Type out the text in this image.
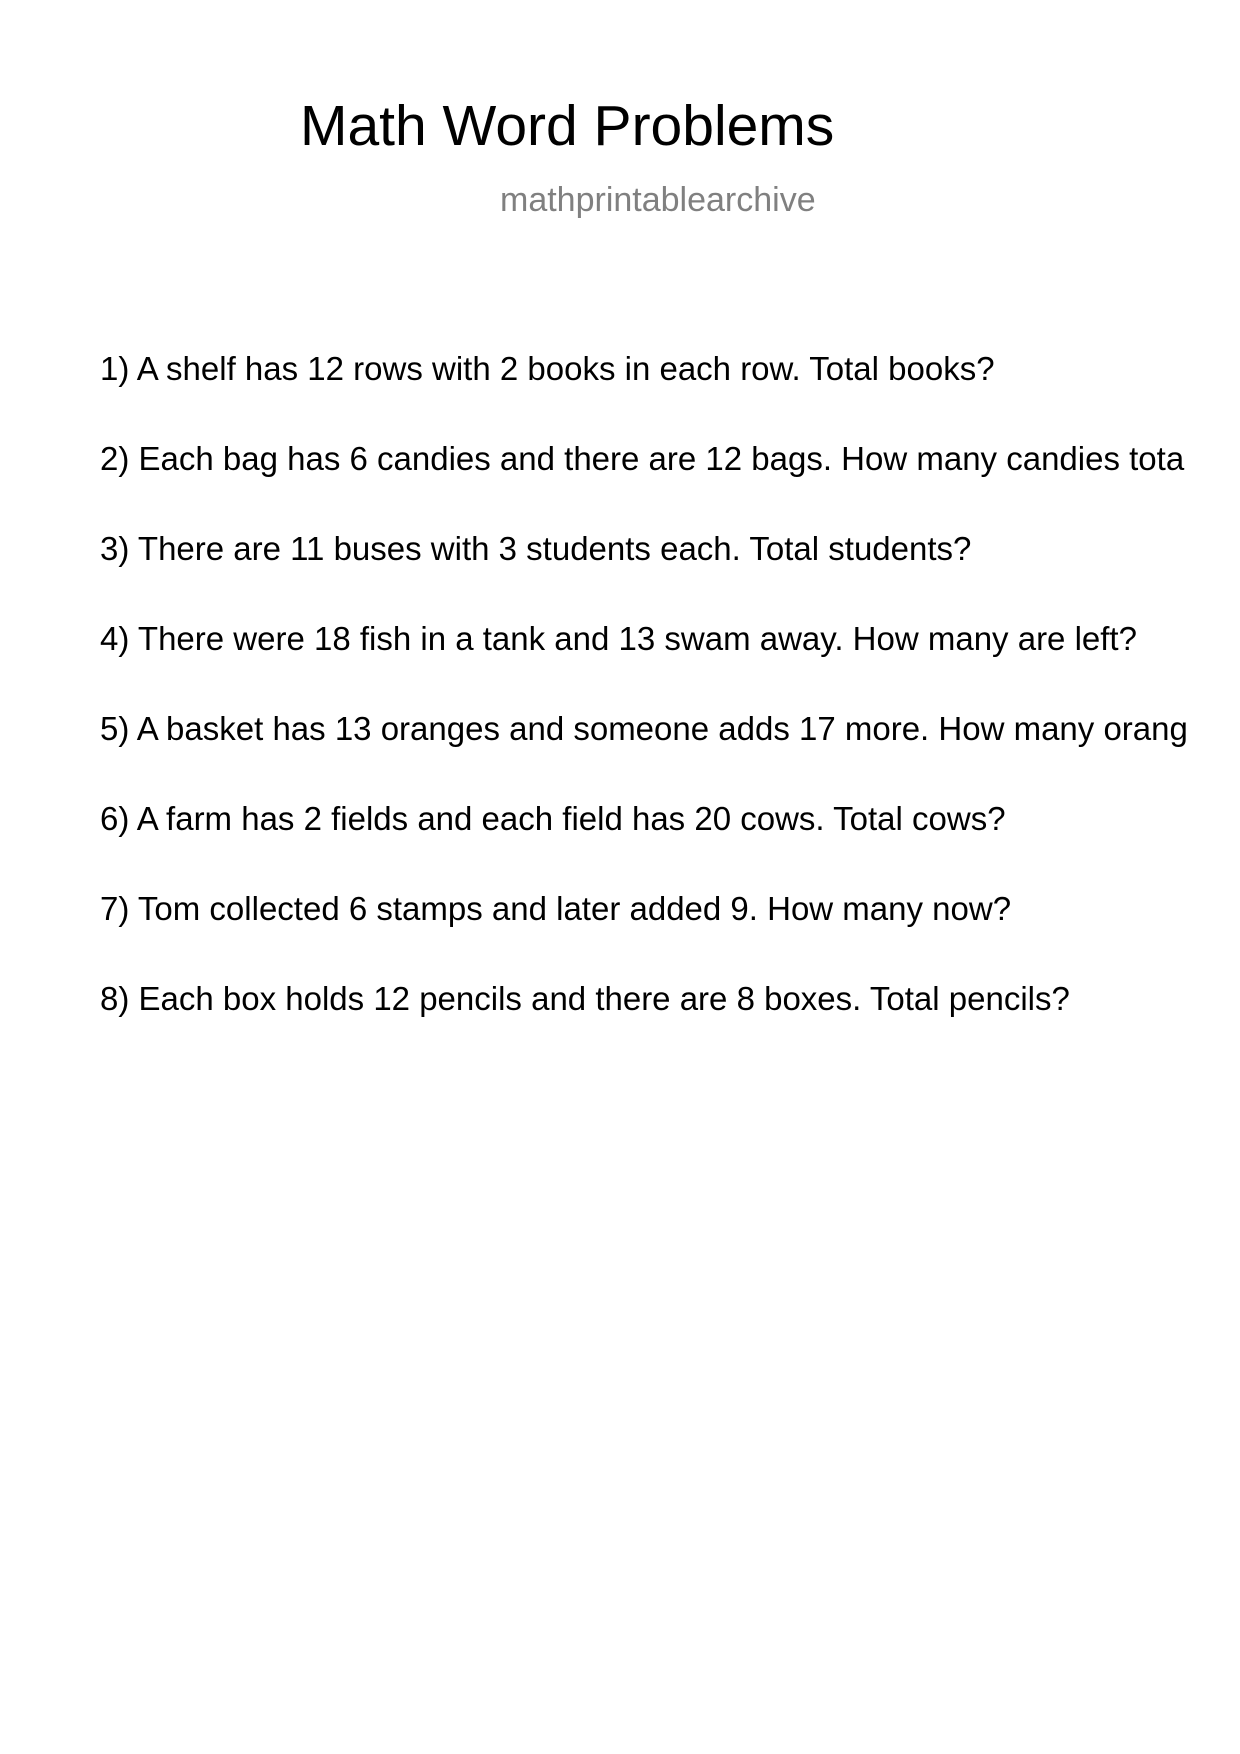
Math Word Problems
mathprintablearchive
1) A shelf has 12 rows with 2 books in each row. Total books?
2) Each bag has 6 candies and there are 12 bags. How many candies tota
3) There are 11 buses with 3 students each. Total students?
4) There were 18 fish in a tank and 13 swam away. How many are left?
5) A basket has 13 oranges and someone adds 17 more. How many orang
6) A farm has 2 fields and each field has 20 cows. Total cows?
7) Tom collected 6 stamps and later added 9. How many now?
8) Each box holds 12 pencils and there are 8 boxes. Total pencils?
